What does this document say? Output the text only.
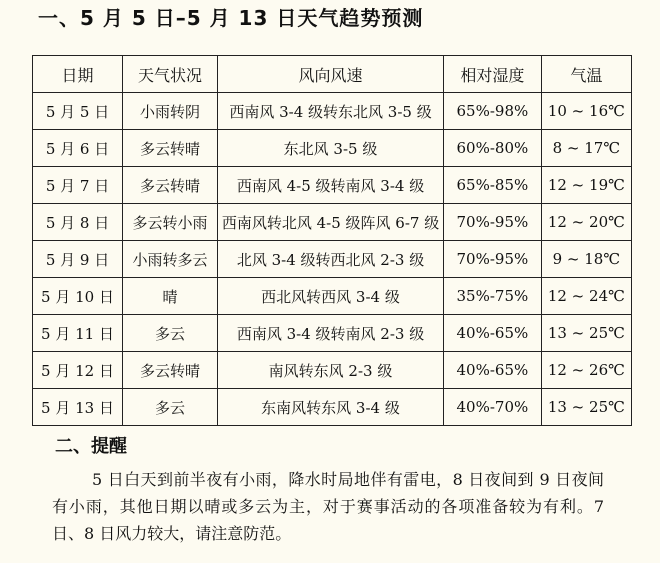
一、5 月 5 日–5 月 13 日天气趋势预测
日期	天气状况	风向风速	相对湿度	气温
5 月 5 日	小雨转阴	西南风 3-4 级转东北风 3-5 级	65%-98%	10 ~ 16℃
5 月 6 日	多云转晴	东北风 3-5 级	60%-80%	8 ~ 17℃
5 月 7 日	多云转晴	西南风 4-5 级转南风 3-4 级	65%-85%	12 ~ 19℃
5 月 8 日	多云转小雨	西南风转北风 4-5 级阵风 6-7 级	70%-95%	12 ~ 20℃
5 月 9 日	小雨转多云	北风 3-4 级转西北风 2-3 级	70%-95%	9 ~ 18℃
5 月 10 日	晴	西北风转西风 3-4 级	35%-75%	12 ~ 24℃
5 月 11 日	多云	西南风 3-4 级转南风 2-3 级	40%-65%	13 ~ 25℃
5 月 12 日	多云转晴	南风转东风 2-3 级	40%-65%	12 ~ 26℃
5 月 13 日	多云	东南风转东风 3-4 级	40%-70%	13 ~ 25℃
二、提醒
5 日白天到前半夜有小雨，降水时局地伴有雷电，8 日夜间到 9 日夜间有小雨，其他日期以晴或多云为主，对于赛事活动的各项准备较为有利。7 日、8 日风力较大，请注意防范。
